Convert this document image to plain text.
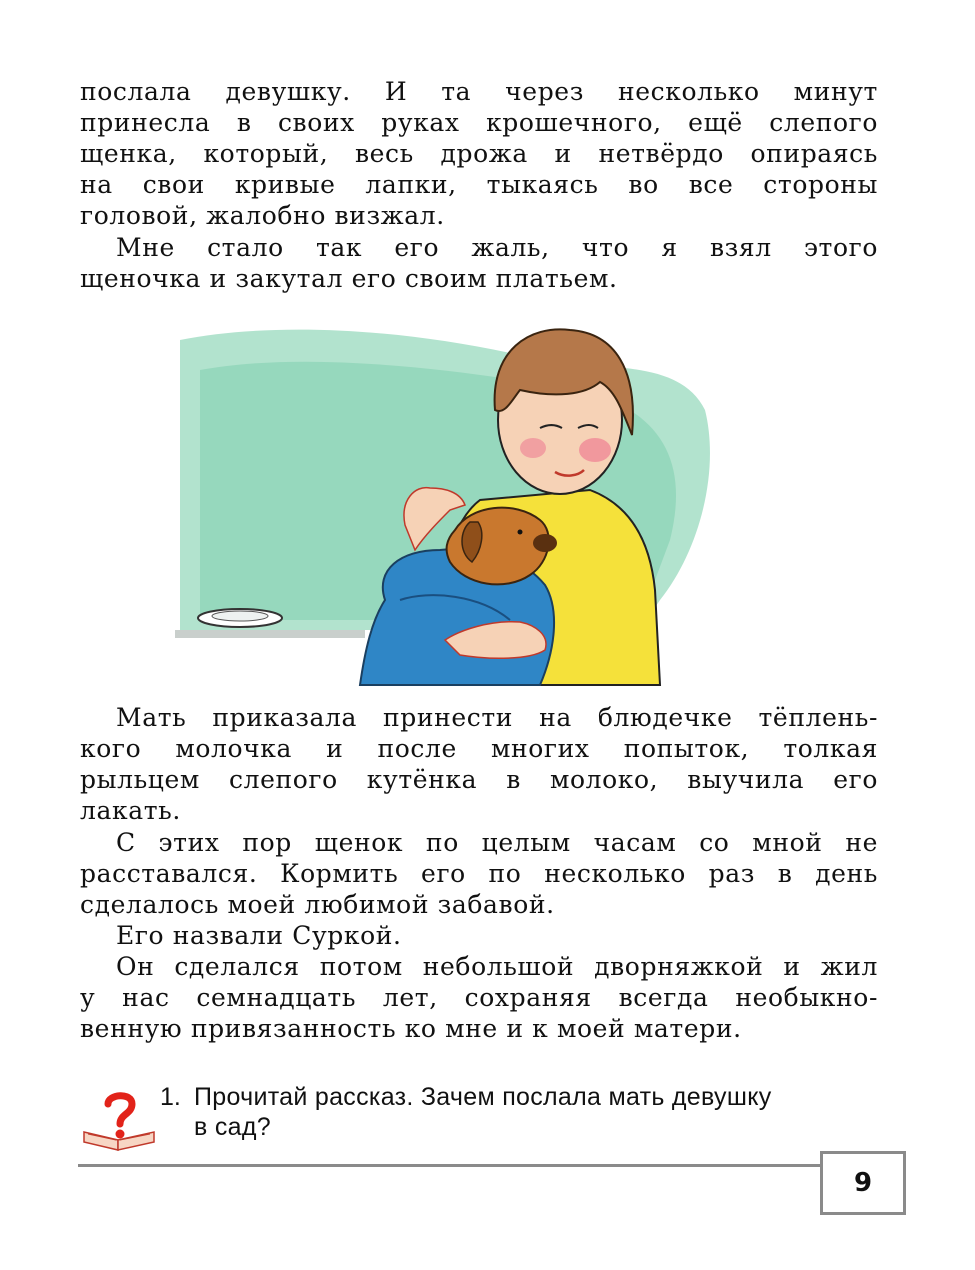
послала девушку. И та через несколько минут
принесла в своих руках крошечного, ещё слепого
щенка, который, весь дрожа и нетвёрдо опираясь
на свои кривые лапки, тыкаясь во все стороны
головой, жалобно визжал.
Мне стало так его жаль, что я взял этого
щеночка и закутал его своим платьем.
Мать приказала принести на блюдечке тёплень-
кого молочка и после многих попыток, толкая
рыльцем слепого кутёнка в молоко, выучила его
лакать.
С этих пор щенок по целым часам со мной не
расставался. Кормить его по несколько раз в день
сделалось моей любимой забавой.
Его назвали Суркой.
Он сделался потом небольшой дворняжкой и жил
у нас семнадцать лет, сохраняя всегда необыкно-
венную привязанность ко мне и к моей матери.
1. Прочитай рассказ. Зачем послала мать девушку
в сад?
9
